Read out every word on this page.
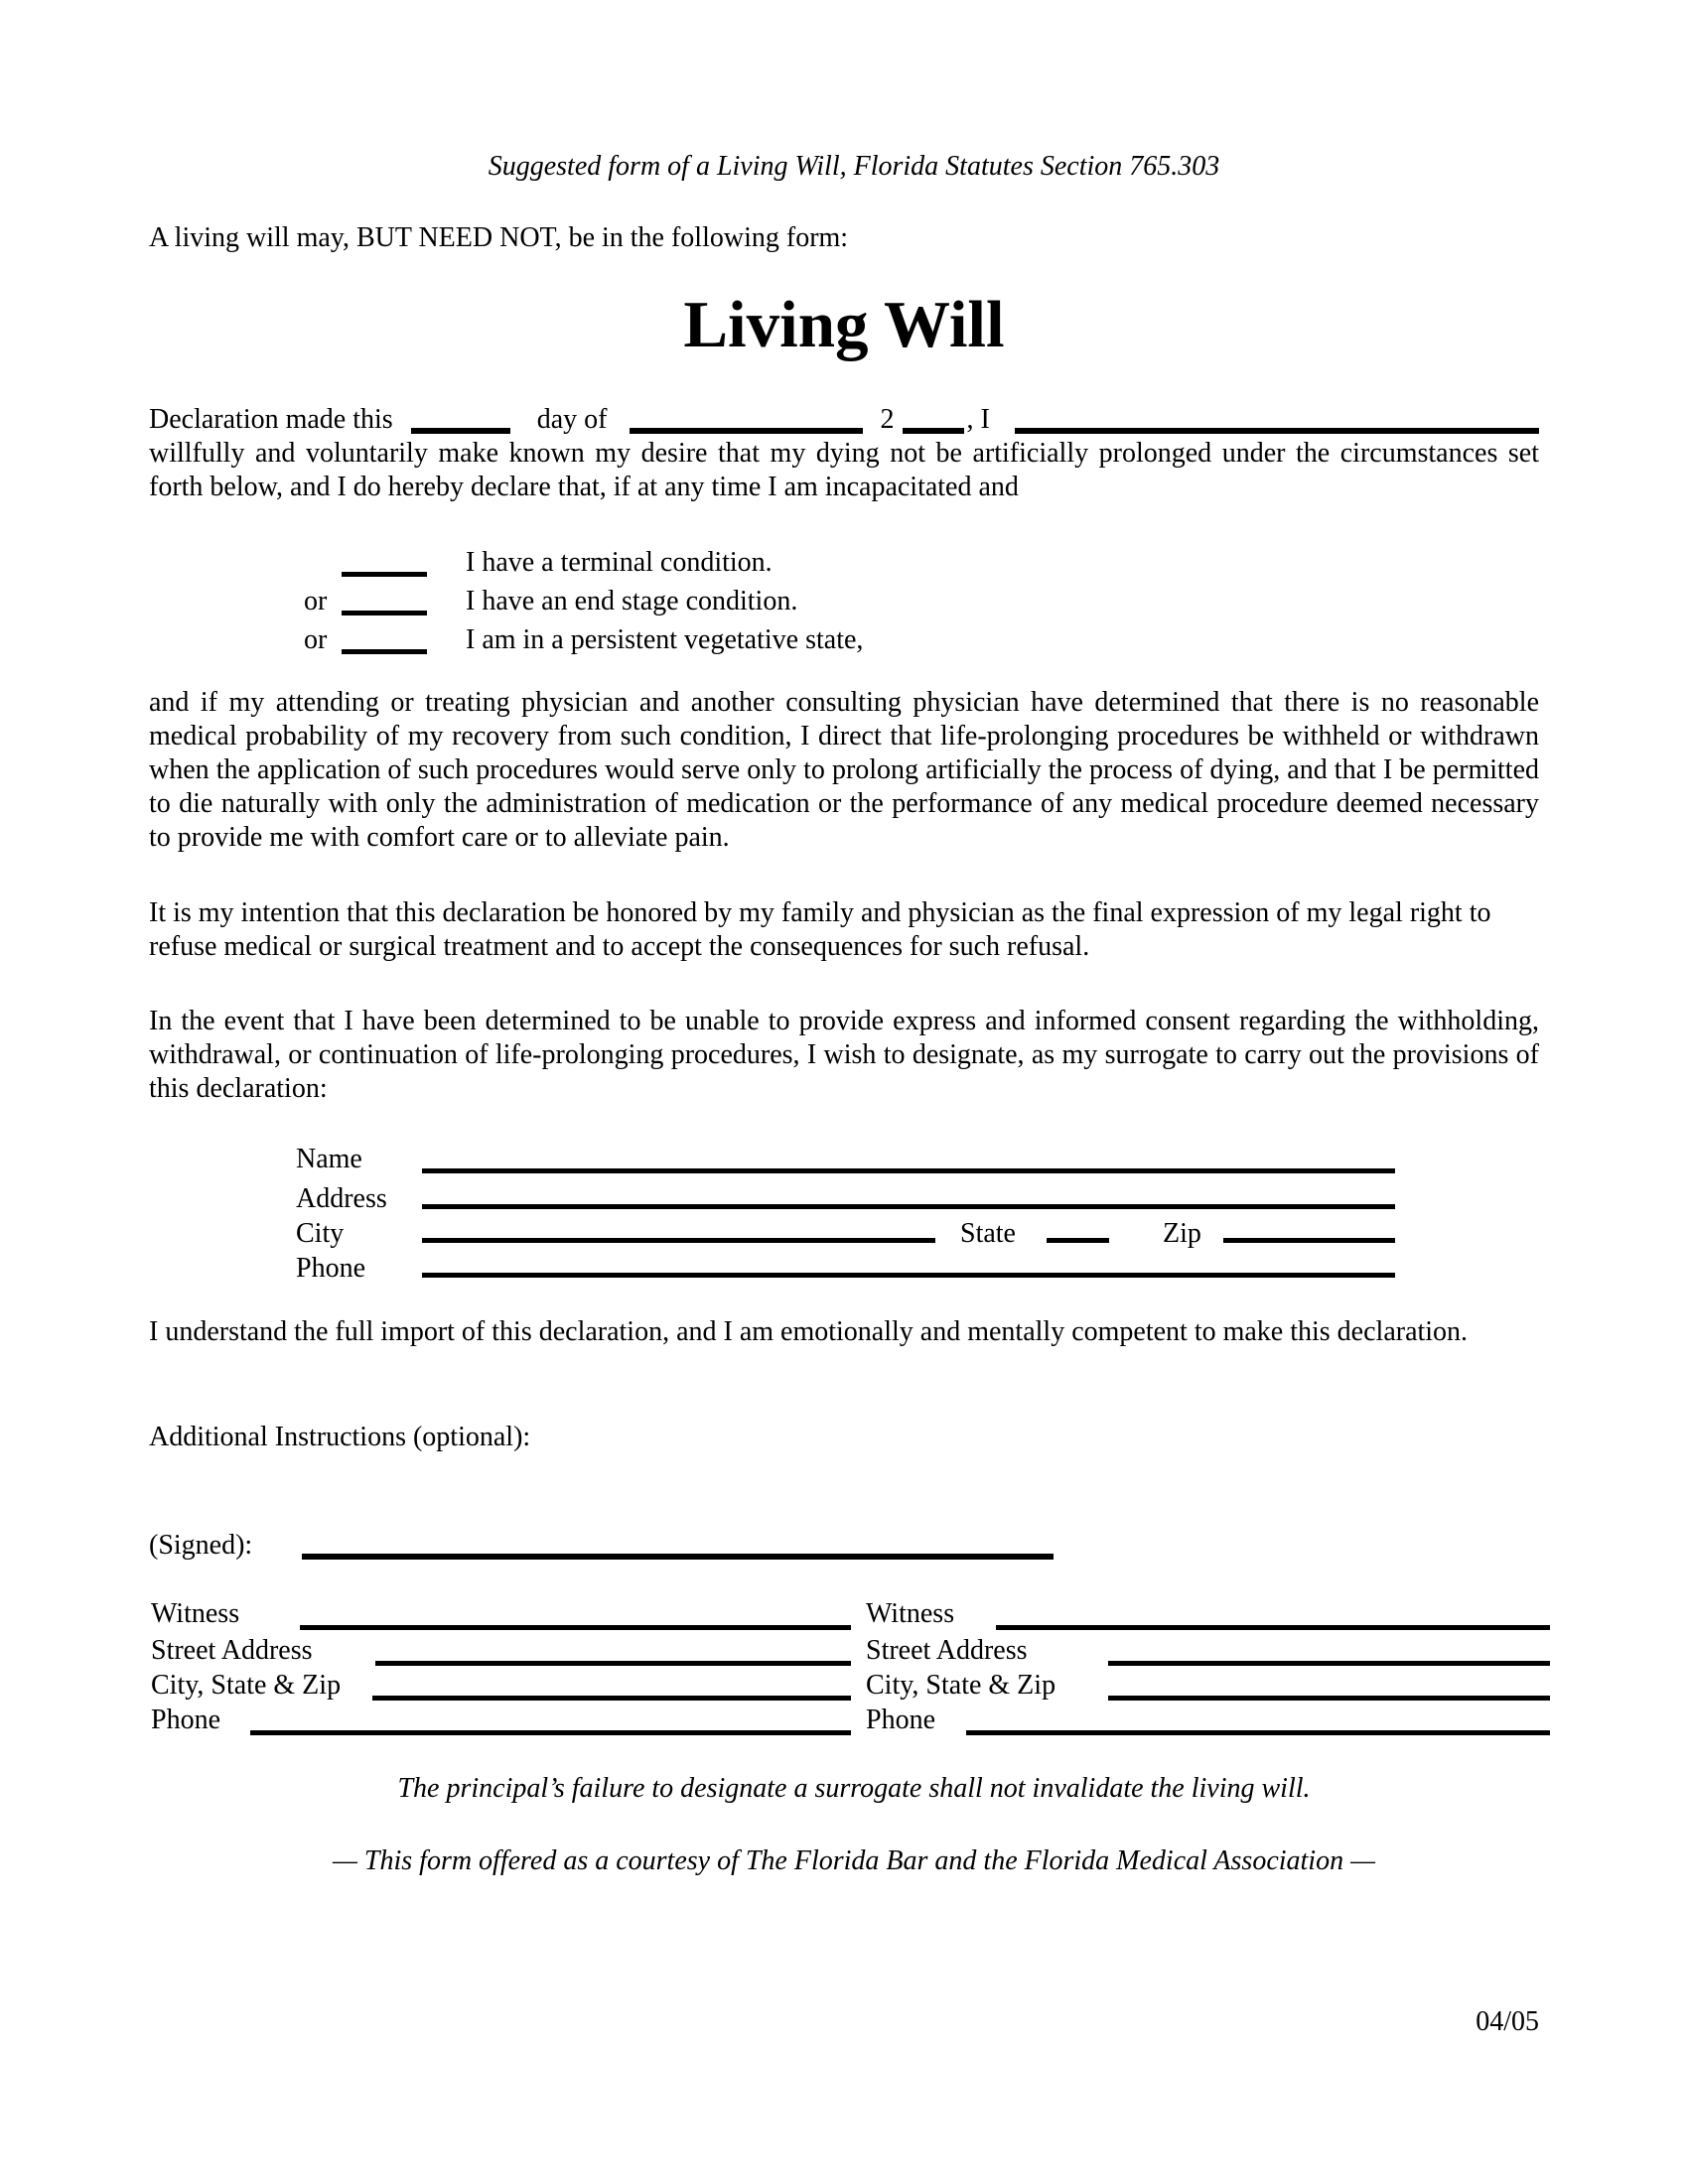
Suggested form of a Living Will, Florida Statutes Section 765.303
A living will may, BUT NEED NOT, be in the following form:
Living Will
Declaration made this	day of	2	, I

willfully and voluntarily make known my desire that my dying not be artificially prolonged under the circumstances set forth below, and I do hereby declare that, if at any time I am incapacitated and

I have a terminal condition.
or	I have an end stage condition.
or	I am in a persistent vegetative state,

and if my attending or treating physician and another consulting physician have determined that there is no reasonable medical probability of my recovery from such condition, I direct that life-prolonging procedures be withheld or withdrawn when the application of such procedures would serve only to prolong artificially the process of dying, and that I be permitted to die naturally with only the administration of medication or the performance of any medical procedure deemed necessary to provide me with comfort care or to alleviate pain.

It is my intention that this declaration be honored by my family and physician as the final expression of my legal right to refuse medical or surgical treatment and to accept the consequences for such refusal.

In the event that I have been determined to be unable to provide express and informed consent regarding the withholding, withdrawal, or continuation of life-prolonging procedures, I wish to designate, as my surrogate to carry out the provisions of this declaration:

Name
Address
City	State	Zip
Phone

I understand the full import of this declaration, and I am emotionally and mentally competent to make this declaration.

Additional Instructions (optional):

(Signed):
Witness
Street Address
City, State & Zip
Phone
Witness
Street Address
City, State & Zip
Phone
The principal’s failure to designate a surrogate shall not invalidate the living will.
— This form offered as a courtesy of The Florida Bar and the Florida Medical Association —
04/05
